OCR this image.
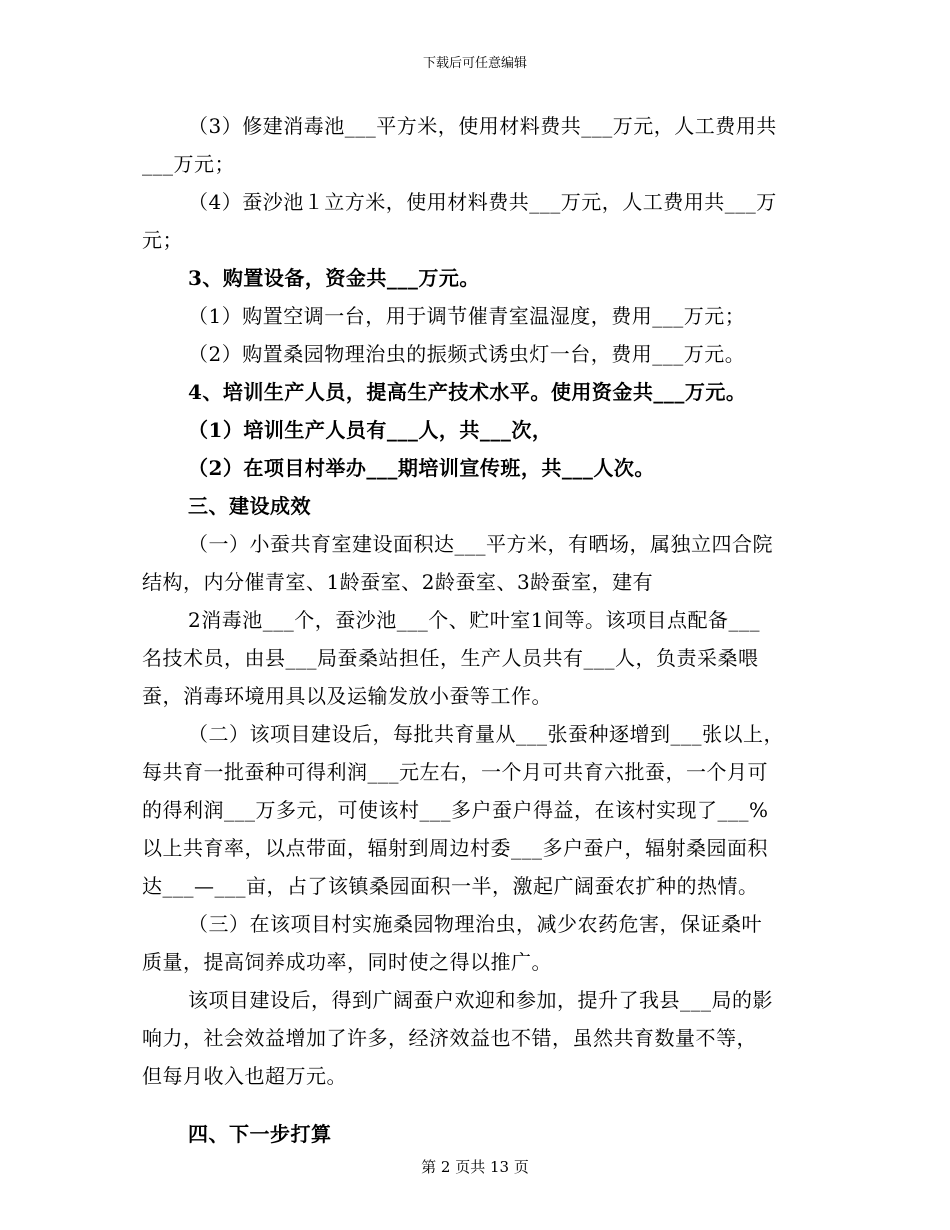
下载后可任意编辑
（3）修建消毒池___平方米，使用材料费共___万元，人工费用共
___万元；
（4）蚕沙池１立方米，使用材料费共___万元，人工费用共___万
元；
3、购置设备，资金共___万元。
（1）购置空调一台，用于调节催青室温湿度，费用___万元；
（2）购置桑园物理治虫的振频式诱虫灯一台，费用___万元。
4、培训生产人员，提高生产技术水平。使用资金共___万元。
（1）培训生产人员有___人，共___次，
（2）在项目村举办___期培训宣传班，共___人次。
三、建设成效
（一）小蚕共育室建设面积达___平方米，有晒场，属独立四合院
结构，内分催青室、1龄蚕室、2龄蚕室、3龄蚕室，建有
2消毒池___个，蚕沙池___个、贮叶室1间等。该项目点配备___
名技术员，由县___局蚕桑站担任，生产人员共有___人，负责采桑喂
蚕，消毒环境用具以及运输发放小蚕等工作。
（二）该项目建设后，每批共育量从___张蚕种逐增到___张以上，
每共育一批蚕种可得利润___元左右，一个月可共育六批蚕，一个月可
的得利润___万多元，可使该村___多户蚕户得益，在该村实现了___%
以上共育率，以点带面，辐射到周边村委___多户蚕户，辐射桑园面积
达___—___亩，占了该镇桑园面积一半，激起广阔蚕农扩种的热情。
（三）在该项目村实施桑园物理治虫，减少农药危害，保证桑叶
质量，提高饲养成功率，同时使之得以推广。
该项目建设后，得到广阔蚕户欢迎和参加，提升了我县___局的影
响力，社会效益增加了许多，经济效益也不错，虽然共育数量不等，
但每月收入也超万元。
四、下一步打算
第 2 页共 13 页
